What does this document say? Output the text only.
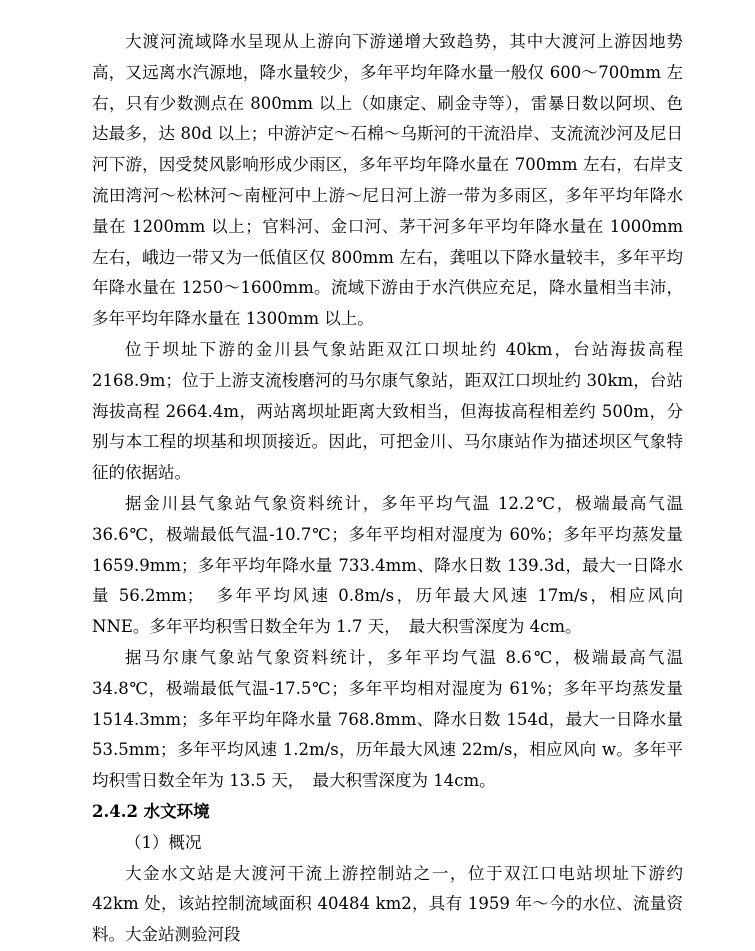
大渡河流域降水呈现从上游向下游递增大致趋势，其中大渡河上游因地势高，又远离水汽源地，降水量较少，多年平均年降水量一般仅 600～700mm 左右，只有少数测点在 800mm 以上（如康定、刷金寺等），雷暴日数以阿坝、色达最多，达 80d 以上；中游泸定～石棉～乌斯河的干流沿岸、支流流沙河及尼日河下游，因受焚风影响形成少雨区，多年平均年降水量在 700mm 左右，右岸支流田湾河～松林河～南桠河中上游～尼日河上游一带为多雨区，多年平均年降水量在 1200mm 以上；官料河、金口河、茅干河多年平均年降水量在 1000mm 左右，峨边一带又为一低值区仅 800mm 左右，龚咀以下降水量较丰，多年平均年降水量在 1250～1600mm。流域下游由于水汽供应充足，降水量相当丰沛，多年平均年降水量在 1300mm 以上。

位于坝址下游的金川县气象站距双江口坝址约 40km，台站海拔高程 2168.9m；位于上游支流梭磨河的马尔康气象站，距双江口坝址约 30km，台站海拔高程 2664.4m，两站离坝址距离大致相当，但海拔高程相差约 500m，分别与本工程的坝基和坝顶接近。因此，可把金川、马尔康站作为描述坝区气象特征的依据站。

据金川县气象站气象资料统计，多年平均气温 12.2℃，极端最高气温 36.6℃，极端最低气温-10.7℃；多年平均相对湿度为 60%；多年平均蒸发量 1659.9mm；多年平均年降水量 733.4mm、降水日数 139.3d，最大一日降水量 56.2mm；　多年平均风速 0.8m/s，历年最大风速 17m/s，相应风向 NNE。多年平均积雪日数全年为 1.7 天，　最大积雪深度为 4cm。

据马尔康气象站气象资料统计，多年平均气温 8.6℃，极端最高气温 34.8℃，极端最低气温-17.5℃；多年平均相对湿度为 61%；多年平均蒸发量 1514.3mm；多年平均年降水量 768.8mm、降水日数 154d，最大一日降水量 53.5mm；多年平均风速 1.2m/s，历年最大风速 22m/s，相应风向 w。多年平均积雪日数全年为 13.5 天，　最大积雪深度为 14cm。

2.4.2 水文环境

（1）概况

大金水文站是大渡河干流上游控制站之一，位于双江口电站坝址下游约 42km 处，该站控制流域面积 40484 km2，具有 1959 年～今的水位、流量资料。大金站测验河段
